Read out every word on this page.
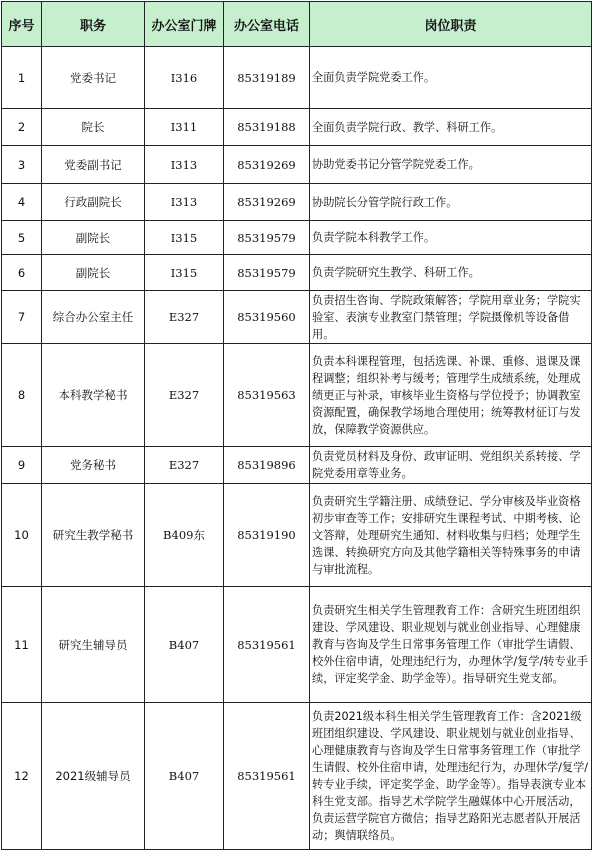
序号	职务	办公室门牌	办公室电话	岗位职责
1	党委书记	I316	85319189	全面负责学院党委工作。
2	院长	I311	85319188	全面负责学院行政、教学、科研工作。
3	党委副书记	I313	85319269	协助党委书记分管学院党委工作。
4	行政副院长	I313	85319269	协助院长分管学院行政工作。
5	副院长	I315	85319579	负责学院本科教学工作。
6	副院长	I315	85319579	负责学院研究生教学、科研工作。
7	综合办公室主任	E327	85319560	负责招生咨询、学院政策解答；学院用章业务；学院实验室、表演专业教室门禁管理；学院摄像机等设备借用。
8	本科教学秘书	E327	85319563	负责本科课程管理，包括选课、补课、重修、退课及课程调整；组织补考与缓考；管理学生成绩系统，处理成绩更正与补录，审核毕业生资格与学位授予；协调教室资源配置，确保教学场地合理使用；统筹教材征订与发放，保障教学资源供应。
9	党务秘书	E327	85319896	负责党员材料及身份、政审证明、党组织关系转接、学院党委用章等业务。
10	研究生教学秘书	B409东	85319190	负责研究生学籍注册、成绩登记、学分审核及毕业资格初步审查等工作；安排研究生课程考试、中期考核、论文答辩，处理研究生通知、材料收集与归档；处理学生选课、转换研究方向及其他学籍相关等特殊事务的申请与审批流程。
11	研究生辅导员	B407	85319561	负责研究生相关学生管理教育工作：含研究生班团组织建设、学风建设、职业规划与就业创业指导、心理健康教育与咨询及学生日常事务管理工作（审批学生请假、校外住宿申请，处理违纪行为，办理休学/复学/转专业手续，评定奖学金、助学金等）。指导研究生党支部。
12	2021级辅导员	B407	85319561	负责2021级本科生相关学生管理教育工作：含2021级班团组织建设、学风建设、职业规划与就业创业指导、心理健康教育与咨询及学生日常事务管理工作（审批学生请假、校外住宿申请，处理违纪行为，办理休学/复学/转专业手续，评定奖学金、助学金等）。指导表演专业本科生党支部。指导艺术学院学生融媒体中心开展活动，负责运营学院官方微信；指导艺路阳光志愿者队开展活动；舆情联络员。
